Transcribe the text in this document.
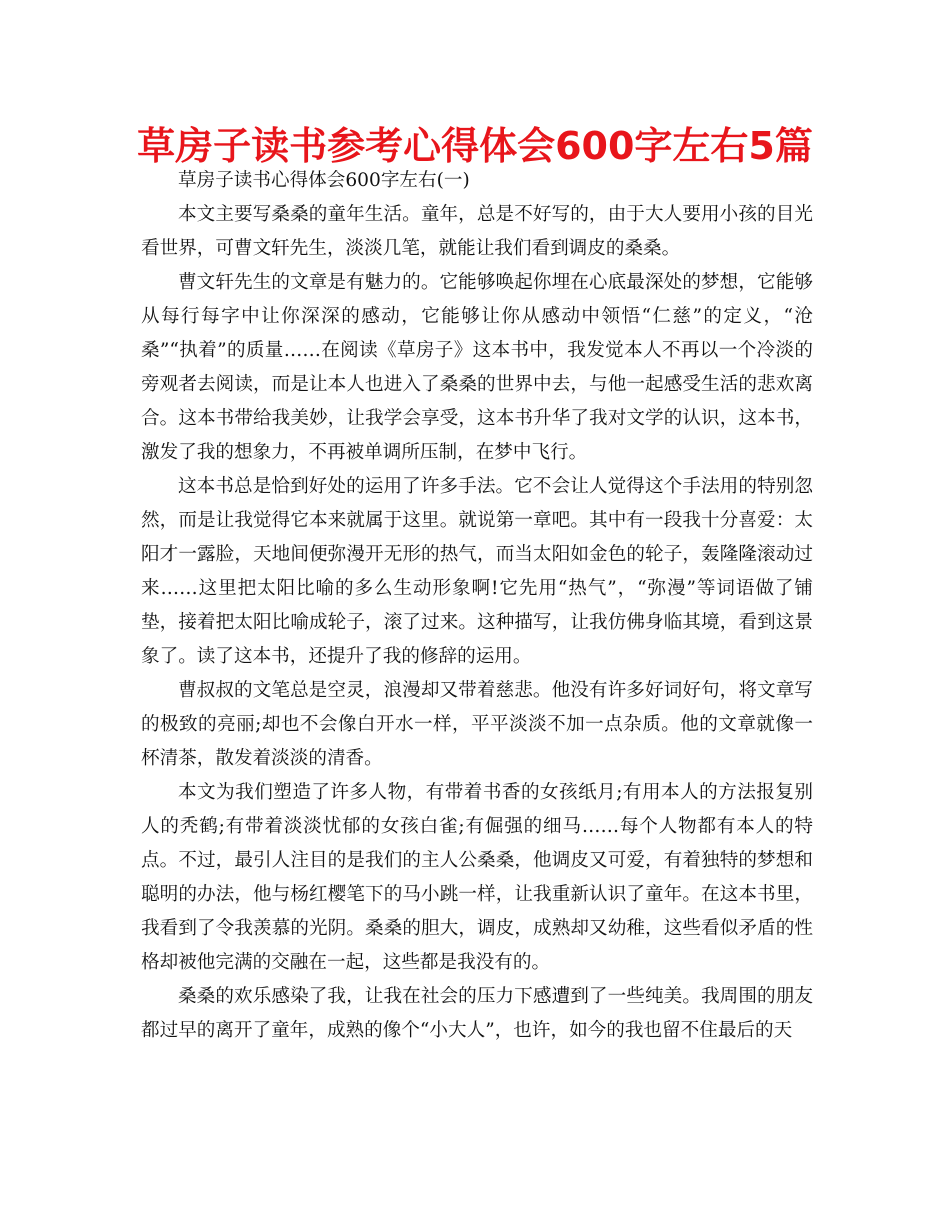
草房子读书参考心得体会600字左右5篇

草房子读书心得体会600字左右(一)

本文主要写桑桑的童年生活。童年，总是不好写的，由于大人要用小孩的目光看世界，可曹文轩先生，淡淡几笔，就能让我们看到调皮的桑桑。

曹文轩先生的文章是有魅力的。它能够唤起你埋在心底最深处的梦想，它能够从每行每字中让你深深的感动，它能够让你从感动中领悟“仁慈”的定义，“沧桑”“执着”的质量……在阅读《草房子》这本书中，我发觉本人不再以一个冷淡的旁观者去阅读，而是让本人也进入了桑桑的世界中去，与他一起感受生活的悲欢离合。这本书带给我美妙，让我学会享受，这本书升华了我对文学的认识，这本书，激发了我的想象力，不再被单调所压制，在梦中飞行。

这本书总是恰到好处的运用了许多手法。它不会让人觉得这个手法用的特别忽然，而是让我觉得它本来就属于这里。就说第一章吧。其中有一段我十分喜爱：太阳才一露脸，天地间便弥漫开无形的热气，而当太阳如金色的轮子，轰隆隆滚动过来……这里把太阳比喻的多么生动形象啊!它先用“热气”，“弥漫”等词语做了铺垫，接着把太阳比喻成轮子，滚了过来。这种描写，让我仿佛身临其境，看到这景象了。读了这本书，还提升了我的修辞的运用。

曹叔叔的文笔总是空灵，浪漫却又带着慈悲。他没有许多好词好句，将文章写的极致的亮丽;却也不会像白开水一样，平平淡淡不加一点杂质。他的文章就像一杯清茶，散发着淡淡的清香。

本文为我们塑造了许多人物，有带着书香的女孩纸月;有用本人的方法报复别人的秃鹤;有带着淡淡忧郁的女孩白雀;有倔强的细马……每个人物都有本人的特点。不过，最引人注目的是我们的主人公桑桑，他调皮又可爱，有着独特的梦想和聪明的办法，他与杨红樱笔下的马小跳一样，让我重新认识了童年。在这本书里，我看到了令我羡慕的光阴。桑桑的胆大，调皮，成熟却又幼稚，这些看似矛盾的性格却被他完满的交融在一起，这些都是我没有的。

桑桑的欢乐感染了我，让我在社会的压力下感遭到了一些纯美。我周围的朋友都过早的离开了童年，成熟的像个“小大人”，也许，如今的我也留不住最后的天
